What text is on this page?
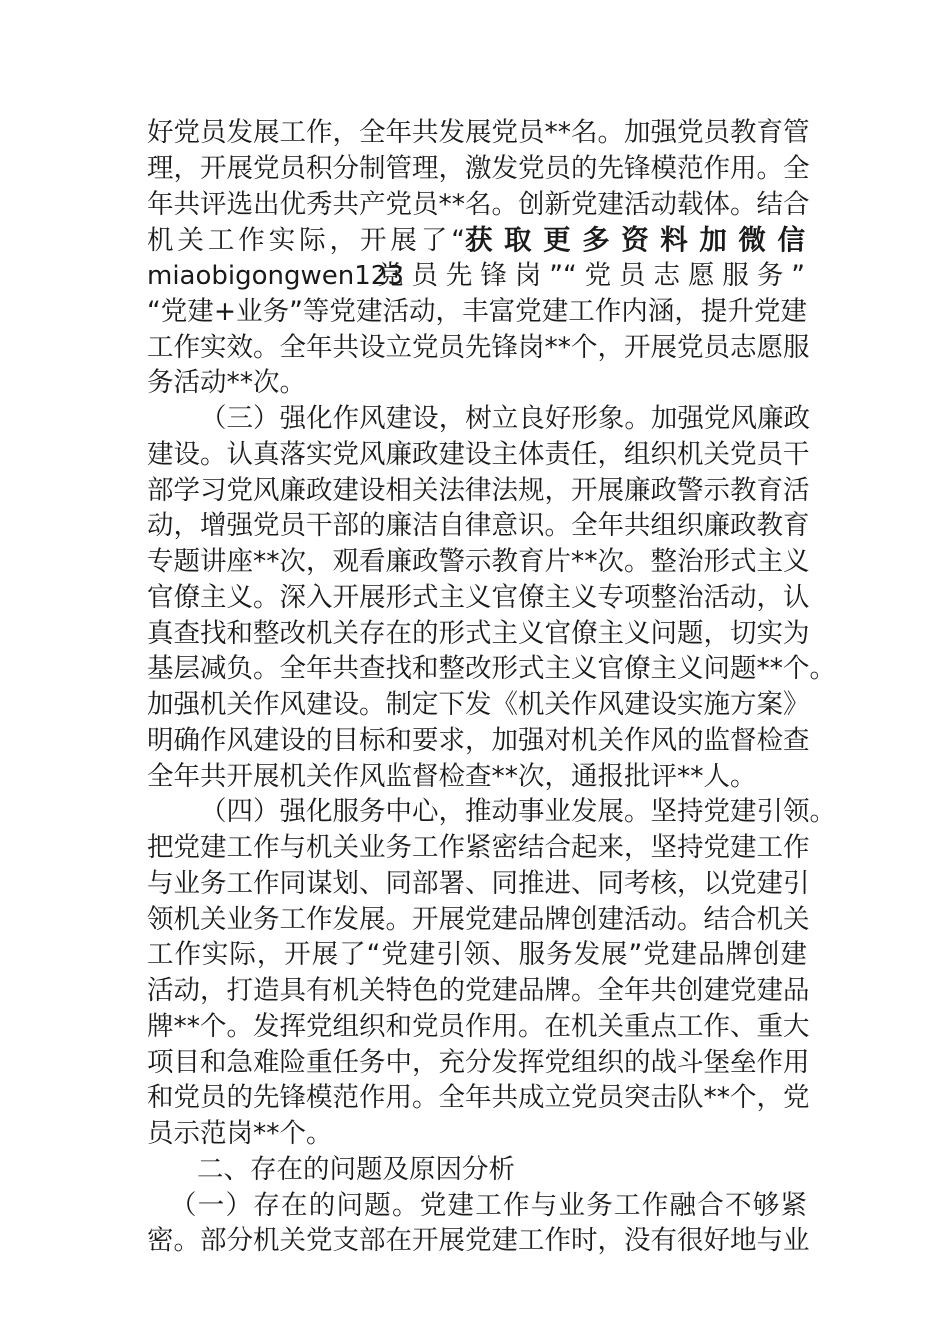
好党员发展工作，全年共发展党员**名。加强党员教育管
理，开展党员积分制管理，激发党员的先锋模范作用。全
年共评选出优秀共产党员**名。创新党建活动载体。结合
机关工作实际，开展了“获取更多资料加微信
miaobigongwen123党员先锋岗”“党员志愿服务”
“党建+业务”等党建活动，丰富党建工作内涵，提升党建
工作实效。全年共设立党员先锋岗**个，开展党员志愿服
务活动**次。
（三）强化作风建设，树立良好形象。加强党风廉政
建设。认真落实党风廉政建设主体责任，组织机关党员干
部学习党风廉政建设相关法律法规，开展廉政警示教育活
动，增强党员干部的廉洁自律意识。全年共组织廉政教育
专题讲座**次，观看廉政警示教育片**次。整治形式主义
官僚主义。深入开展形式主义官僚主义专项整治活动，认
真查找和整改机关存在的形式主义官僚主义问题，切实为
基层减负。全年共查找和整改形式主义官僚主义问题**个。
加强机关作风建设。制定下发《机关作风建设实施方案》
明确作风建设的目标和要求，加强对机关作风的监督检查
全年共开展机关作风监督检查**次，通报批评**人。
（四）强化服务中心，推动事业发展。坚持党建引领。
把党建工作与机关业务工作紧密结合起来，坚持党建工作
与业务工作同谋划、同部署、同推进、同考核，以党建引
领机关业务工作发展。开展党建品牌创建活动。结合机关
工作实际，开展了“党建引领、服务发展”党建品牌创建
活动，打造具有机关特色的党建品牌。全年共创建党建品
牌**个。发挥党组织和党员作用。在机关重点工作、重大
项目和急难险重任务中，充分发挥党组织的战斗堡垒作用
和党员的先锋模范作用。全年共成立党员突击队**个，党
员示范岗**个。
二、存在的问题及原因分析
（一）存在的问题。党建工作与业务工作融合不够紧
密。部分机关党支部在开展党建工作时，没有很好地与业
